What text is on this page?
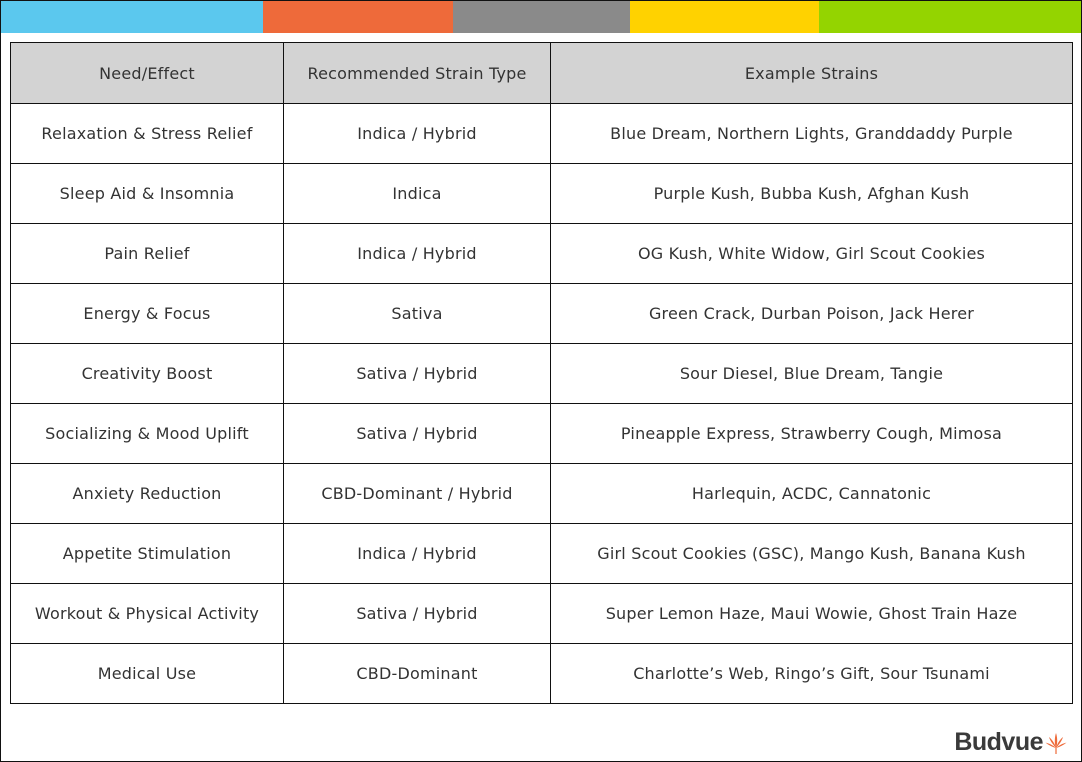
Need/Effect	Recommended Strain Type	Example Strains
Relaxation & Stress Relief	Indica / Hybrid	Blue Dream, Northern Lights, Granddaddy Purple
Sleep Aid & Insomnia	Indica	Purple Kush, Bubba Kush, Afghan Kush
Pain Relief	Indica / Hybrid	OG Kush, White Widow, Girl Scout Cookies
Energy & Focus	Sativa	Green Crack, Durban Poison, Jack Herer
Creativity Boost	Sativa / Hybrid	Sour Diesel, Blue Dream, Tangie
Socializing & Mood Uplift	Sativa / Hybrid	Pineapple Express, Strawberry Cough, Mimosa
Anxiety Reduction	CBD-Dominant / Hybrid	Harlequin, ACDC, Cannatonic
Appetite Stimulation	Indica / Hybrid	Girl Scout Cookies (GSC), Mango Kush, Banana Kush
Workout & Physical Activity	Sativa / Hybrid	Super Lemon Haze, Maui Wowie, Ghost Train Haze
Medical Use	CBD-Dominant	Charlotte’s Web, Ringo’s Gift, Sour Tsunami
Budvue
